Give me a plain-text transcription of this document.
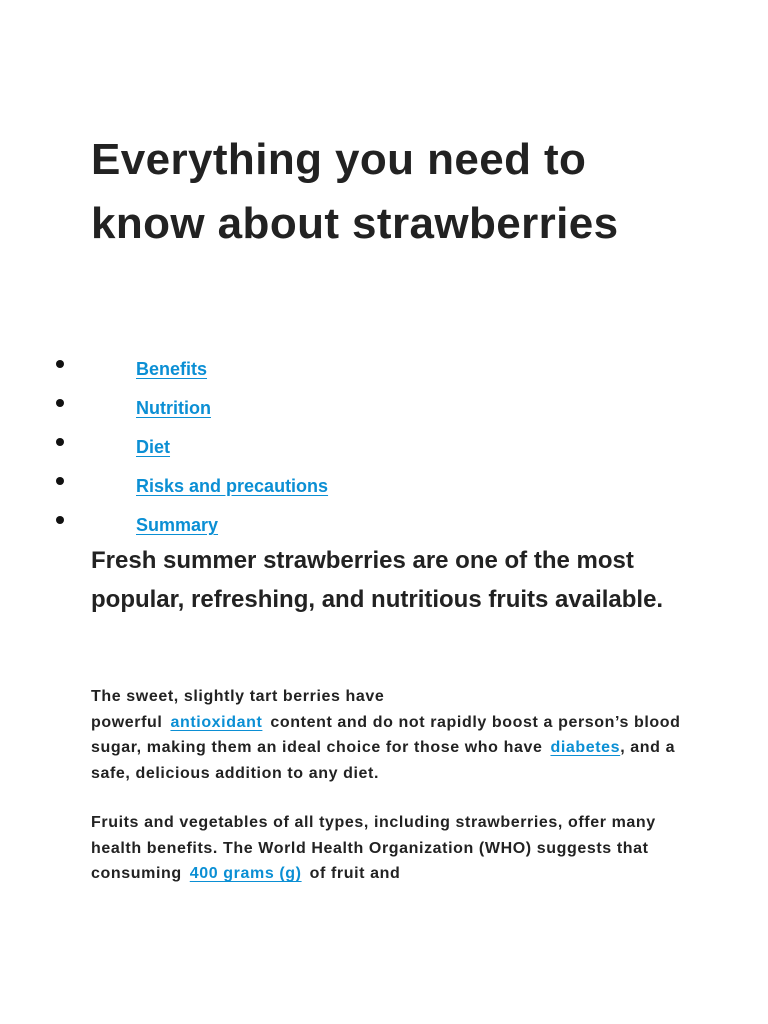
Everything you need to know about strawberries
Benefits
Nutrition
Diet
Risks and precautions
Summary

Fresh summer strawberries are one of the most popular, refreshing, and nutritious fruits available.

The sweet, slightly tart berries have
powerful antioxidant content and do not rapidly boost a person’s blood sugar, making them an ideal choice for those who have diabetes, and a safe, delicious addition to any diet.

Fruits and vegetables of all types, including strawberries, offer many health benefits. The World Health Organization (WHO) suggests that consuming 400 grams (g) of fruit and
